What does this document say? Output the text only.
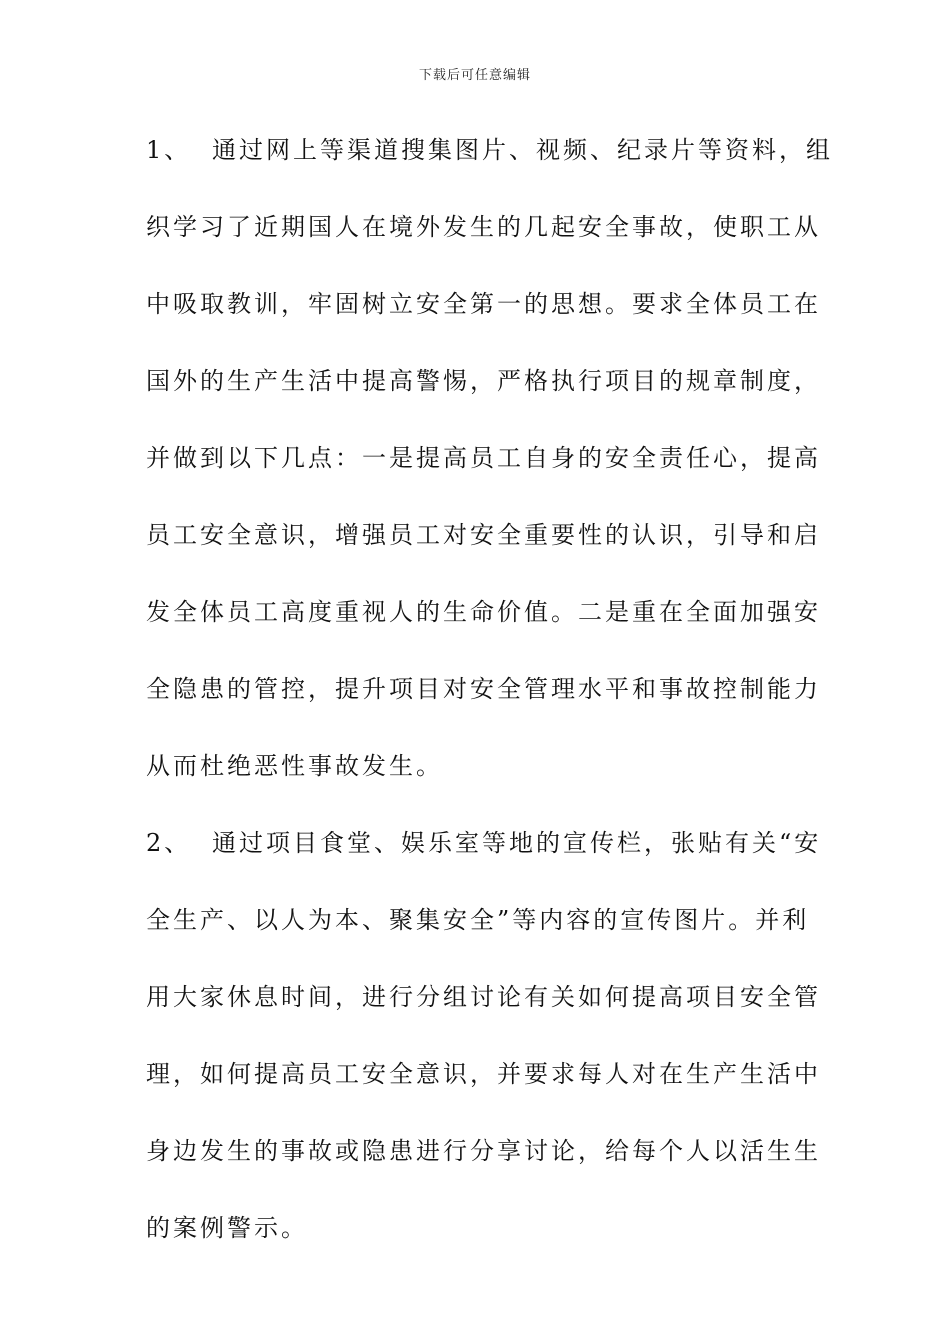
下载后可任意编辑
1、 通过网上等渠道搜集图片、视频、纪录片等资料，组
织学习了近期国人在境外发生的几起安全事故，使职工从
中吸取教训，牢固树立安全第一的思想。要求全体员工在
国外的生产生活中提高警惕，严格执行项目的规章制度，
并做到以下几点：一是提高员工自身的安全责任心，提高
员工安全意识，增强员工对安全重要性的认识，引导和启
发全体员工高度重视人的生命价值。二是重在全面加强安
全隐患的管控，提升项目对安全管理水平和事故控制能力
从而杜绝恶性事故发生。
2、 通过项目食堂、娱乐室等地的宣传栏，张贴有关“安
全生产、以人为本、聚集安全”等内容的宣传图片。并利
用大家休息时间，进行分组讨论有关如何提高项目安全管
理，如何提高员工安全意识，并要求每人对在生产生活中
身边发生的事故或隐患进行分享讨论，给每个人以活生生
的案例警示。
